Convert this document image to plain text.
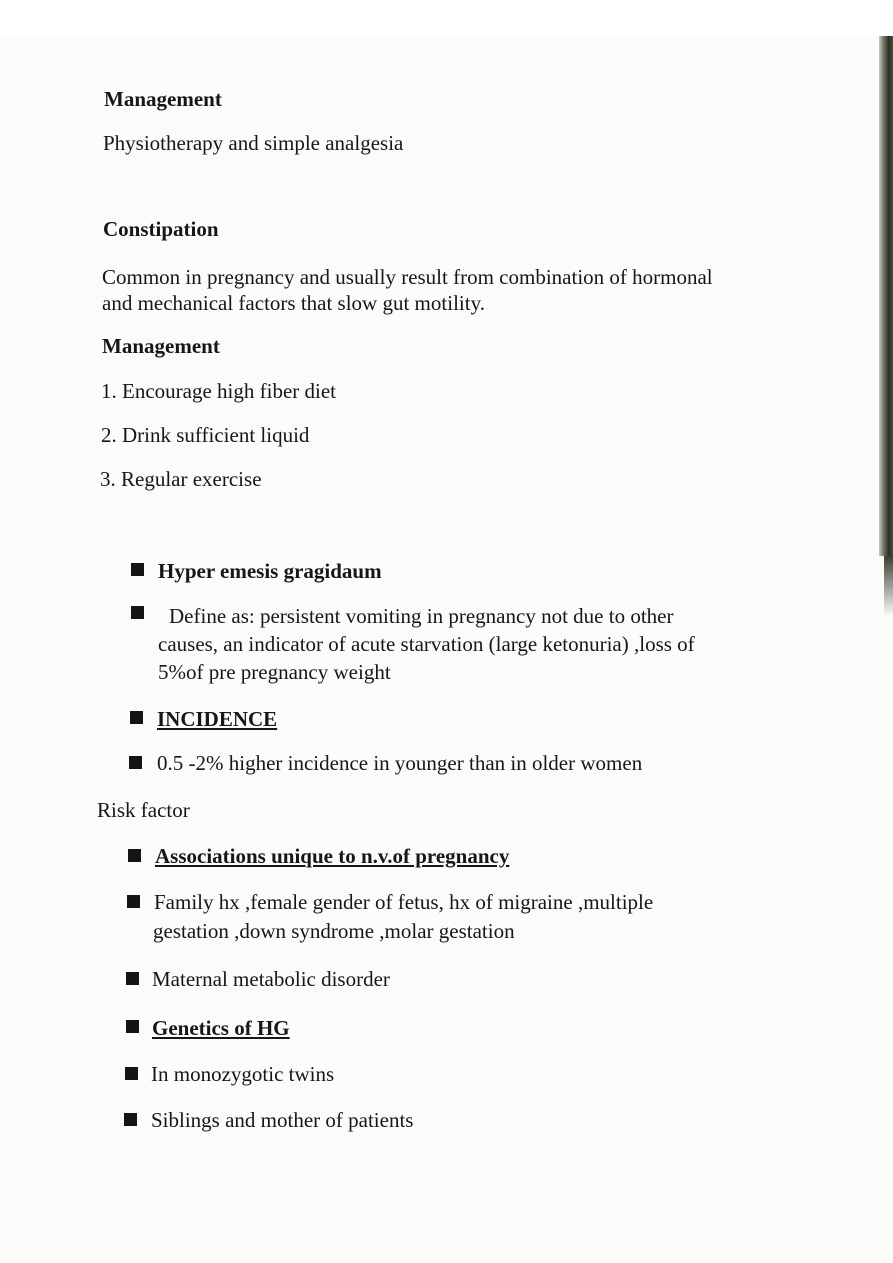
Management
Physiotherapy and simple analgesia
Constipation
Common in pregnancy and usually result from combination of hormonal
and mechanical factors that slow gut motility.
Management
1. Encourage high fiber diet
2. Drink sufficient liquid
3. Regular exercise
Hyper emesis gragidaum
Define as: persistent vomiting in pregnancy not due to other
causes, an indicator of acute starvation (large ketonuria) ,loss of
5%of pre pregnancy weight
INCIDENCE
0.5 -2% higher incidence in younger than in older women
Risk factor
Associations unique to n.v.of pregnancy
Family hx ,female gender of fetus, hx of migraine ,multiple
gestation ,down syndrome ,molar gestation
Maternal metabolic disorder
Genetics of HG
In monozygotic twins
Siblings and mother of patients
